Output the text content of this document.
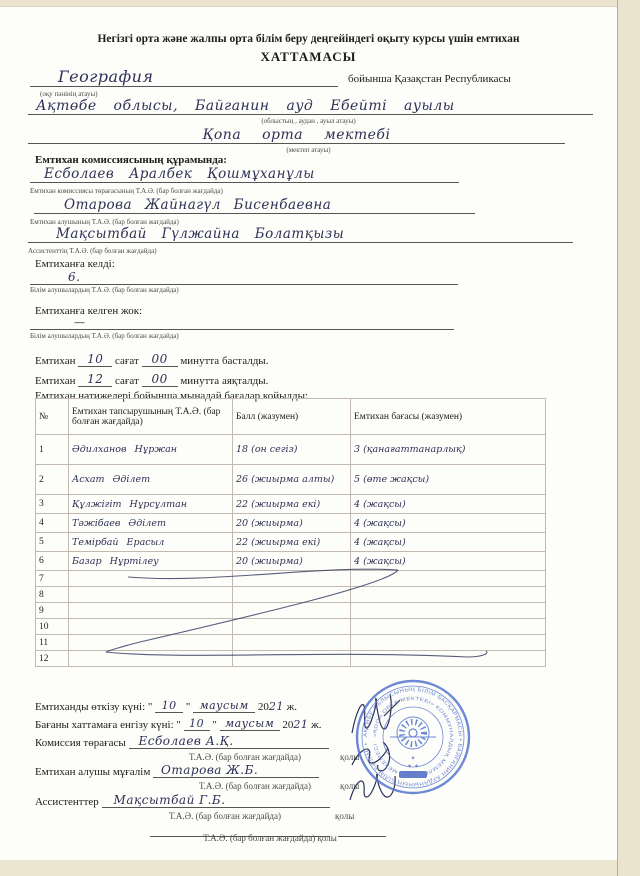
Негізгі орта және жалпы орта білім беру деңгейіндегі оқыту курсы үшін емтихан
ХАТТАМАСЫ
География	бойынша Қазақстан Республикасы
(оқу пәнінің атауы)
Ақтөбе облысы, Байганин ауд Ебейті ауылы
(облыстың , аудан , ауыл атауы)
Қопа орта мектебі
(мектеп атауы)
Емтихан комиссиясының құрамында:
Есболаев Аралбек Қошмұханұлы
Емтихан комиссиясы төрағасының Т.А.Ә. (бар болған жағдайда)
Отарова Жайнагүл Бисенбаевна
Емтихан алушының Т.А.Ә. (бар болған жағдайда)
Мақсытбай Гүлжайна Болатқызы
Ассистенттің Т.А.Ә. (бар болған жағдайда)
Емтиханға келді:
6.
Білім алушылардың Т.А.Ә. (бар болған жағдайда)
Емтиханға келген жок:
—
Білім алушылардың Т.А.Ә. (бар болған жағдайда)
Емтихан 10 сағат 00 минутта басталды.
Емтихан 12 сағат 00 минутта аяқталды.
Емтихан нәтижелері бойынша мынадай бағалар койылды:
№	Емтихан тапсырушының Т.А.Ә. (бар болған жағдайда)	Балл (жазумен)	Емтихан бағасы (жазумен)
1	Әдилханов Нұржан	18 (он сегіз)	3 (қанағаттанарлық)
2	Асхат Әділет	26 (жиырма алты)	5 (өте жақсы)
3	Құлжігіт Нұрсұлтан	22 (жиырма екі)	4 (жақсы)
4	Тәжібаев Әділет	20 (жиырма)	4 (жақсы)
5	Темірбай Ерасыл	22 (жиырма екі)	4 (жақсы)
6	Базар Нұртілеу	20 (жиырма)	4 (жақсы)
7			
8			
9			
10			
11			
12			
Емтиханды өткізу күні: " 10 " маусым 2021 ж.
Бағаны хаттамаға енгізу күні: " 10 " маусым 2021 ж.
Комиссия төрағасы Есболаев А.Қ.
Т.А.Ә. (бар болған жағдайда)	қолы
Емтихан алушы мұғалім Отарова Ж.Б.
Т.А.Ә. (бар болған жағдайда)	қолы
Ассистенттер Мақсытбай Г.Б.
Т.А.Ә. (бар болған жағдайда)	қолы
Т.А.Ә. (бар болған жағдайда) қолы
✶
✶ ✶
АҚТӨБЕ ОБЛЫСЫНЫҢ БІЛІМ БАСҚАРМАСЫ • БАЙҒАНИН АУДАНЫНЫҢ БІЛІМ БӨЛІМІ •
«ҚОПА ОРТА МЕКТЕБІ» КОММУНАЛДЫҚ МЕМЛЕКЕТТІК МЕКЕМЕСІ
